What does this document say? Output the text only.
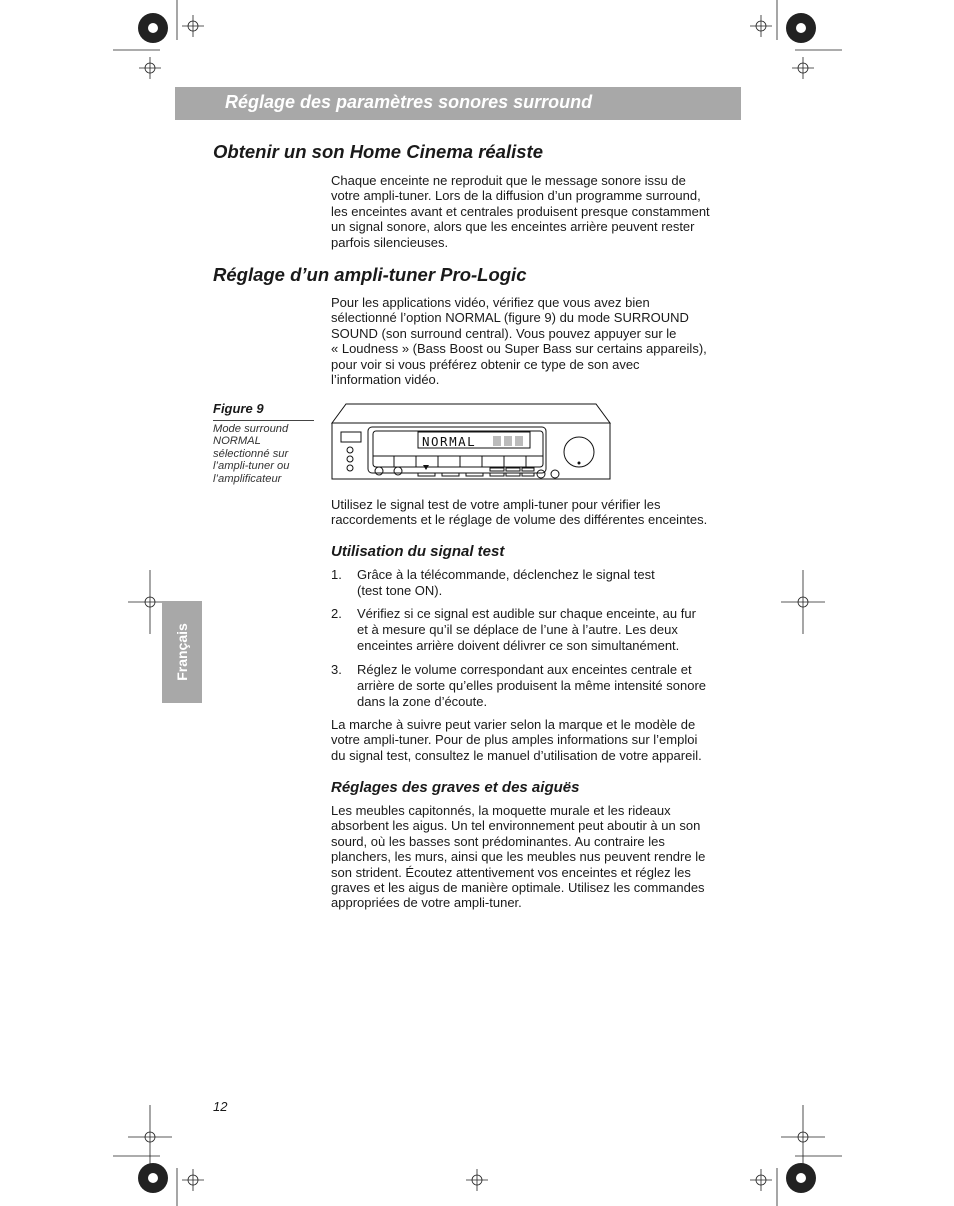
Réglage des paramètres sonores surround
Obtenir un son Home Cinema réaliste
Chaque enceinte ne reproduit que le message sonore issu de
votre ampli-tuner. Lors de la diffusion d’un programme surround,
les enceintes avant et centrales produisent presque constamment
un signal sonore, alors que les enceintes arrière peuvent rester
parfois silencieuses.
Réglage d’un ampli-tuner Pro-Logic
Pour les applications vidéo, vérifiez que vous avez bien
sélectionné l’option NORMAL (figure 9) du mode SURROUND
SOUND (son surround central). Vous pouvez appuyer sur le
« Loudness » (Bass Boost ou Super Bass sur certains appareils),
pour voir si vous préférez obtenir ce type de son avec
l’information vidéo.
Figure 9
Mode surround
NORMAL
sélectionné sur
l’ampli-tuner ou
l’amplificateur
NORMAL
Utilisez le signal test de votre ampli-tuner pour vérifier les
raccordements et le réglage de volume des différentes enceintes.
Utilisation du signal test
1. Grâce à la télécommande, déclenchez le signal test
(test tone ON).
2. Vérifiez si ce signal est audible sur chaque enceinte, au fur
et à mesure qu’il se déplace de l’une à l’autre. Les deux
enceintes arrière doivent délivrer ce son simultanément.
3. Réglez le volume correspondant aux enceintes centrale et
arrière de sorte qu’elles produisent la même intensité sonore
dans la zone d’écoute.
La marche à suivre peut varier selon la marque et le modèle de
votre ampli-tuner. Pour de plus amples informations sur l’emploi
du signal test, consultez le manuel d’utilisation de votre appareil.
Réglages des graves et des aiguës
Les meubles capitonnés, la moquette murale et les rideaux
absorbent les aigus. Un tel environnement peut aboutir à un son
sourd, où les basses sont prédominantes. Au contraire les
planchers, les murs, ainsi que les meubles nus peuvent rendre le
son strident. Écoutez attentivement vos enceintes et réglez les
graves et les aigus de manière optimale. Utilisez les commandes
appropriées de votre ampli-tuner.
Français
12
